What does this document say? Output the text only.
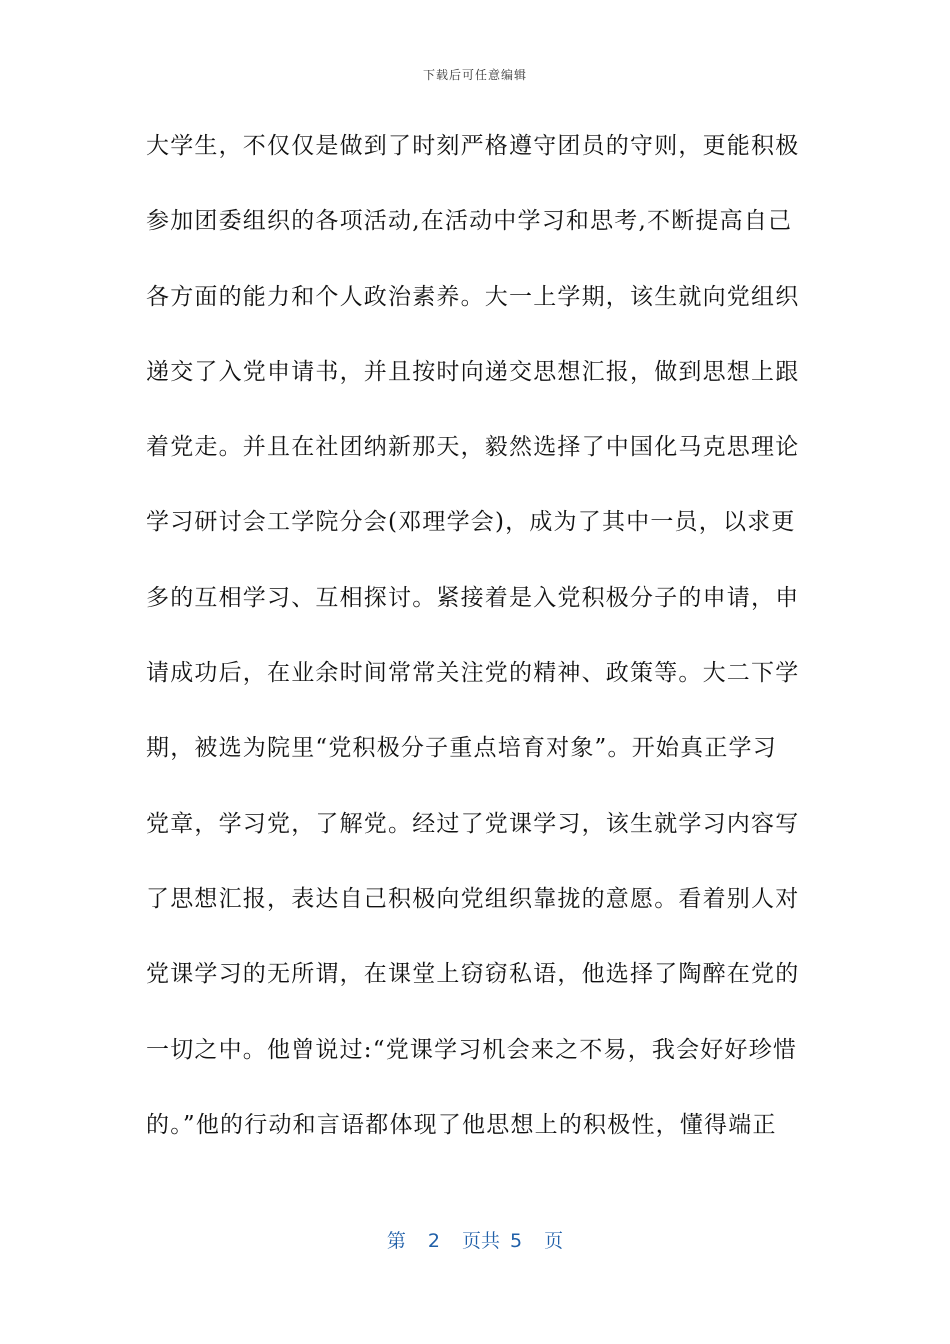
下载后可任意编辑
大学生，不仅仅是做到了时刻严格遵守团员的守则，更能积极
参加团委组织的各项活动,在活动中学习和思考,不断提高自己
各方面的能力和个人政治素养。大一上学期，该生就向党组织
递交了入党申请书，并且按时向递交思想汇报，做到思想上跟
着党走。并且在社团纳新那天，毅然选择了中国化马克思理论
学习研讨会工学院分会(邓理学会)，成为了其中一员，以求更
多的互相学习、互相探讨。紧接着是入党积极分子的申请，申
请成功后，在业余时间常常关注党的精神、政策等。大二下学
期，被选为院里“党积极分子重点培育对象”。开始真正学习
党章，学习党，了解党。经过了党课学习，该生就学习内容写
了思想汇报，表达自己积极向党组织靠拢的意愿。看着别人对
党课学习的无所谓，在课堂上窃窃私语，他选择了陶醉在党的
一切之中。他曾说过:“党课学习机会来之不易，我会好好珍惜
的。”他的行动和言语都体现了他思想上的积极性，懂得端正
第 2 页共 5 页
